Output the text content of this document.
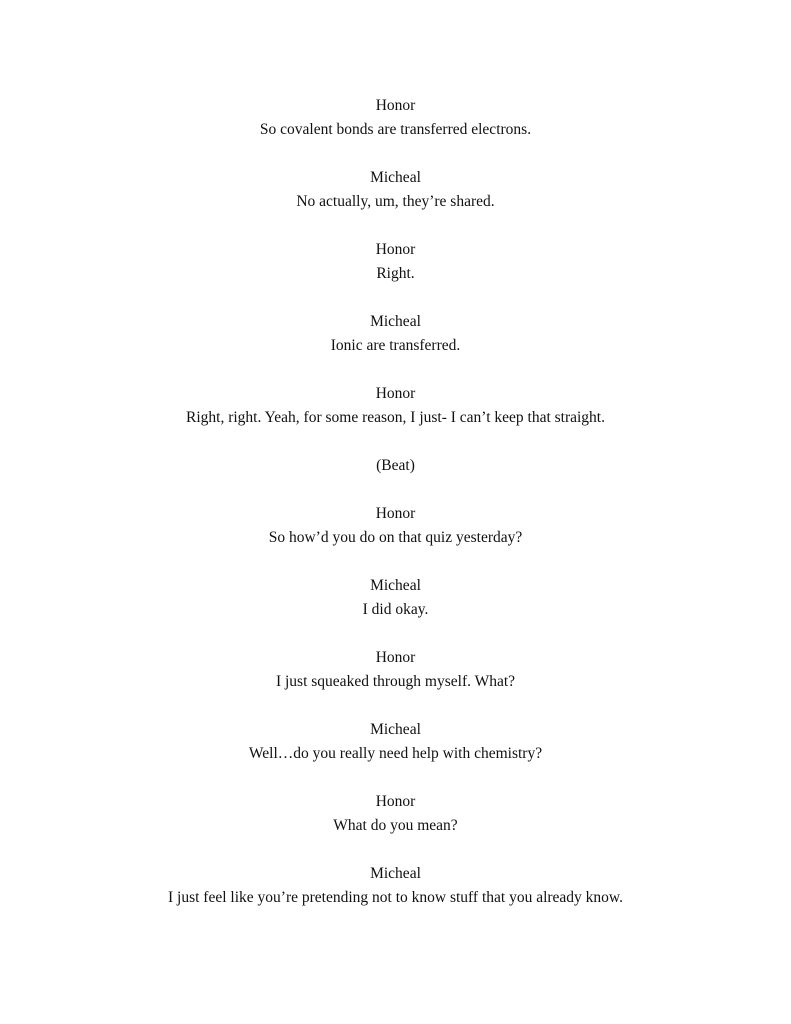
Honor
So covalent bonds are transferred electrons.
Micheal
No actually, um, they’re shared.
Honor
Right.
Micheal
Ionic are transferred.
Honor
Right, right. Yeah, for some reason, I just- I can’t keep that straight.
(Beat)
Honor
So how’d you do on that quiz yesterday?
Micheal
I did okay.
Honor
I just squeaked through myself. What?
Micheal
Well…do you really need help with chemistry?
Honor
What do you mean?
Micheal
I just feel like you’re pretending not to know stuff that you already know.
